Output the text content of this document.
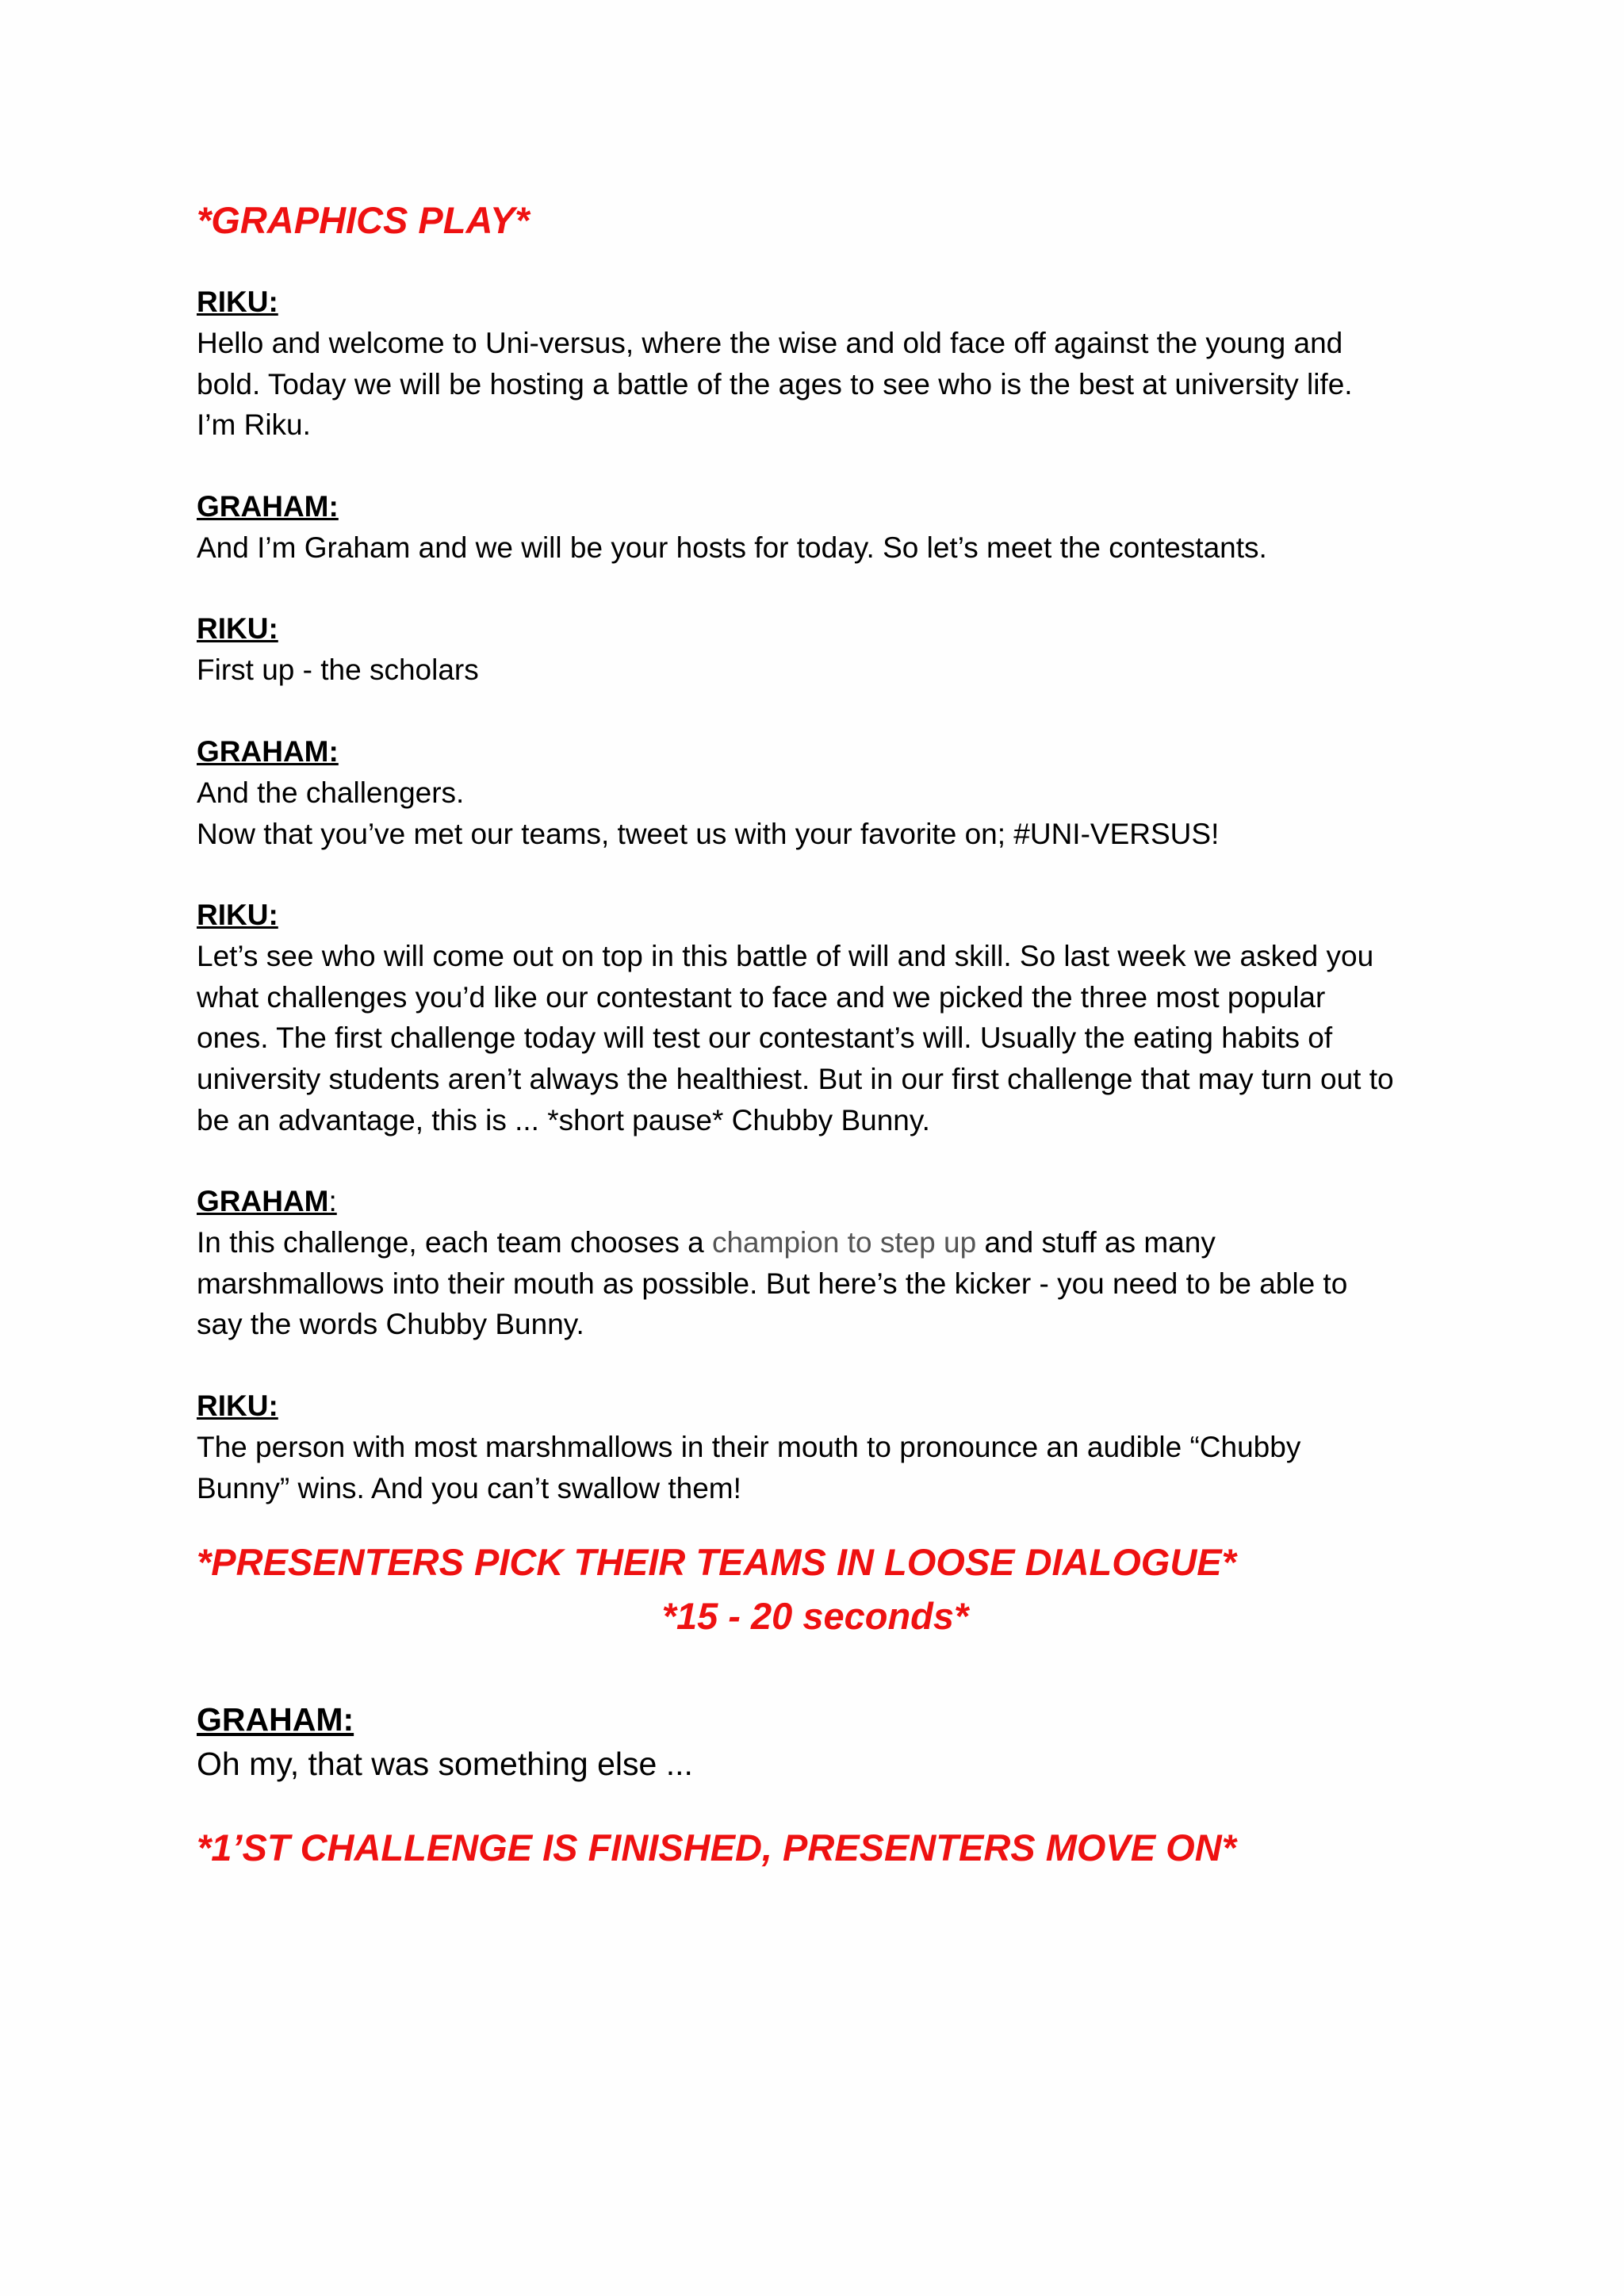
*GRAPHICS PLAY*

RIKU:

Hello and welcome to Uni-versus, where the wise and old face off against the young and

bold. Today we will be hosting a battle of the ages to see who is the best at university life.

I’m Riku.

GRAHAM:

And I’m Graham and we will be your hosts for today. So let’s meet the contestants.

RIKU:

First up - the scholars

GRAHAM:

And the challengers.

Now that you’ve met our teams, tweet us with your favorite on; #UNI-VERSUS!

RIKU:

Let’s see who will come out on top in this battle of will and skill. So last week we asked you

what challenges you’d like our contestant to face and we picked the three most popular

ones. The first challenge today will test our contestant’s will. Usually the eating habits of

university students aren’t always the healthiest. But in our first challenge that may turn out to

be an advantage, this is ... *short pause* Chubby Bunny.

GRAHAM:

In this challenge, each team chooses a champion to step up and stuff as many

marshmallows into their mouth as possible. But here’s the kicker - you need to be able to

say the words Chubby Bunny.

RIKU:

The person with most marshmallows in their mouth to pronounce an audible “Chubby

Bunny” wins. And you can’t swallow them!

*PRESENTERS PICK THEIR TEAMS IN LOOSE DIALOGUE*

*15 - 20 seconds*

GRAHAM:

Oh my, that was something else ...

*1’ST CHALLENGE IS FINISHED, PRESENTERS MOVE ON*
